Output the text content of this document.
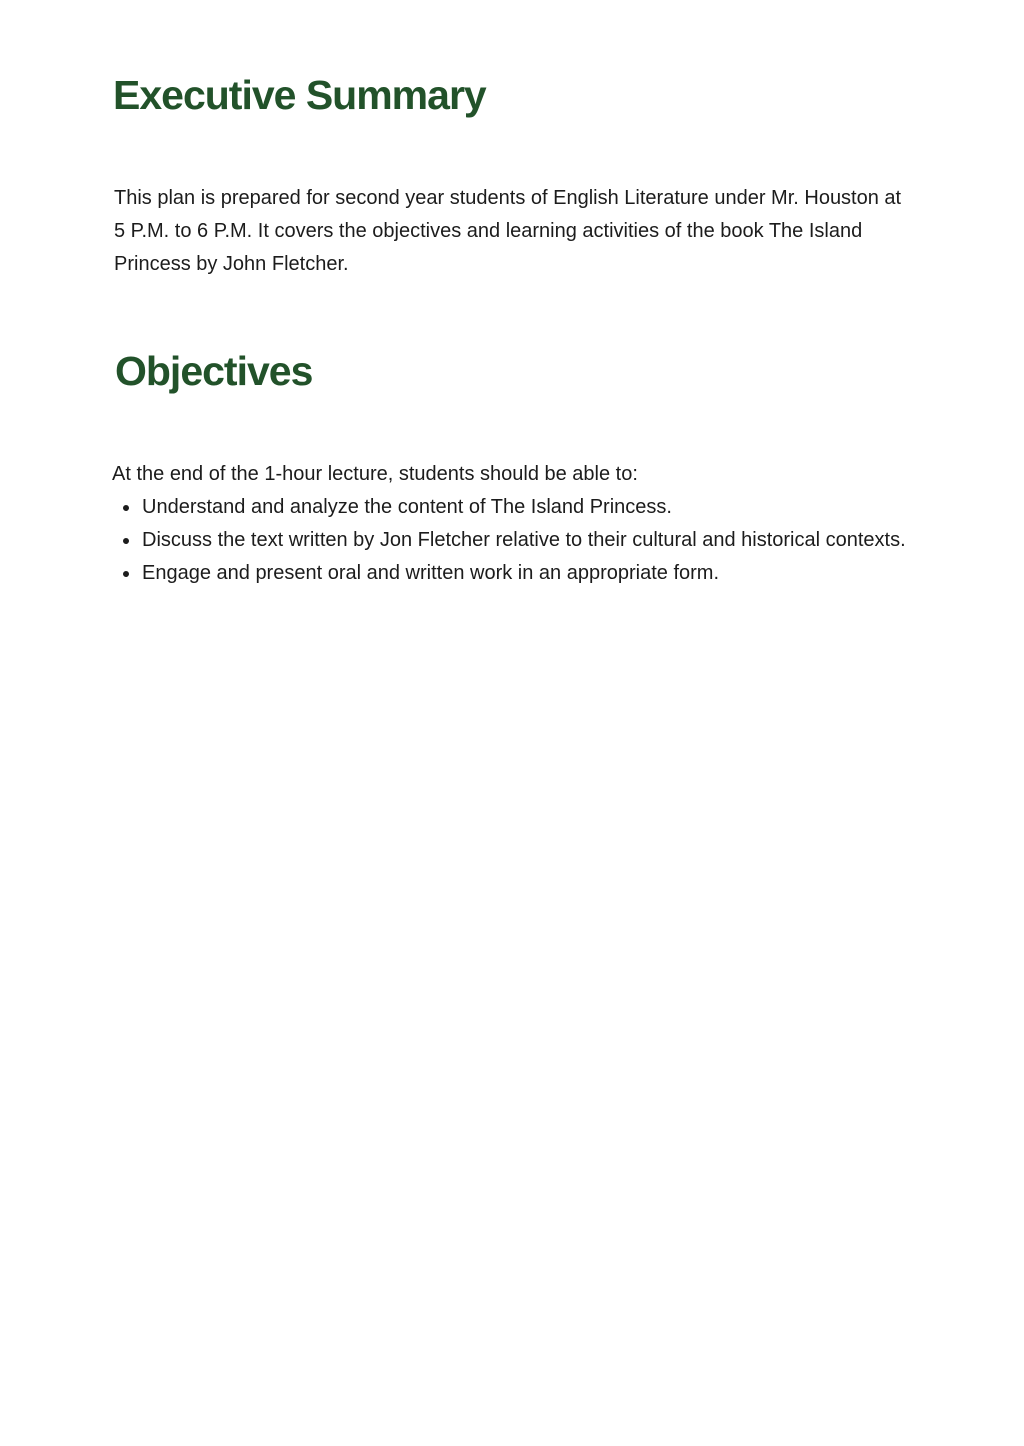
Executive Summary

This plan is prepared for second year students of English Literature under Mr. Houston at 5 P.M. to 6 P.M. It covers the objectives and learning activities of the book The Island Princess by John Fletcher.

Objectives

At the end of the 1-hour lecture, students should be able to:

Understand and analyze the content of The Island Princess.
Discuss the text written by Jon Fletcher relative to their cultural and historical contexts.
Engage and present oral and written work in an appropriate form.
